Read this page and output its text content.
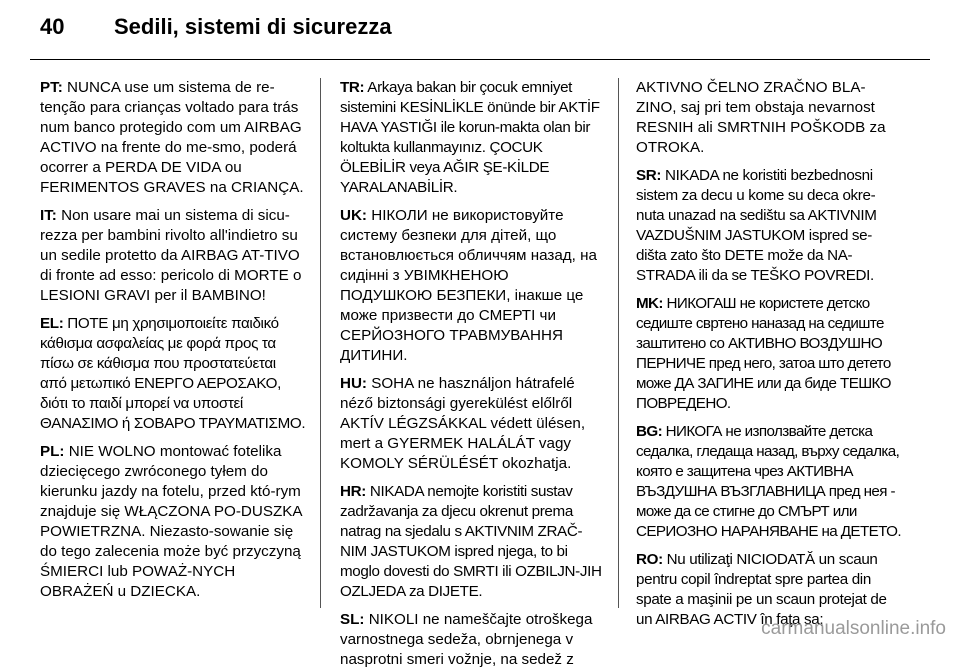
40	Sedili, sistemi di sicurezza

PT: NUNCA use um sistema de re-tenção para crianças voltado para trás num banco protegido com um AIRBAG ACTIVO na frente do me-smo, poderá ocorrer a PERDA DE VIDA ou FERIMENTOS GRAVES na CRIANÇA.

IT: Non usare mai un sistema di sicu-rezza per bambini rivolto all'indietro su un sedile protetto da AIRBAG AT-TIVO di fronte ad esso: pericolo di MORTE o LESIONI GRAVI per il BAMBINO!

EL: ΠΟΤΕ μη χρησιμοποιείτε παιδικό κάθισμα ασφαλείας με φορά προς τα πίσω σε κάθισμα που προστατεύεται από μετωπικό ΕΝΕΡΓΟ ΑΕΡΟΣΑΚΟ, διότι το παιδί μπορεί να υποστεί ΘΑΝΑΣΙΜΟ ή ΣΟΒΑΡΟ ΤΡΑΥΜΑΤΙΣΜΟ.

PL: NIE WOLNO montować fotelika dziecięcego zwróconego tyłem do kierunku jazdy na fotelu, przed któ-rym znajduje się WŁĄCZONA PO-DUSZKA POWIETRZNA. Niezasto-sowanie się do tego zalecenia może być przyczyną ŚMIERCI lub POWAŻ-NYCH OBRAŻEŃ u DZIECKA.

TR: Arkaya bakan bir çocuk emniyet sistemini KESİNLİKLE önünde bir AKTİF HAVA YASTIĞI ile korun-makta olan bir koltukta kullanmayınız. ÇOCUK ÖLEBİLİR veya AĞIR ŞE-KİLDE YARALANABİLİR.

UK: НІКОЛИ не використовуйте систему безпеки для дітей, що встановлюється обличчям назад, на сидінні з УВІМКНЕНОЮ ПОДУШКОЮ БЕЗПЕКИ, інакше це може призвести до СМЕРТІ чи СЕРЙОЗНОГО ТРАВМУВАННЯ ДИТИНИ.

HU: SOHA ne használjon hátrafelé néző biztonsági gyerekülést előlről AKTÍV LÉGZSÁKKAL védett ülésen, mert a GYERMEK HALÁLÁT vagy KOMOLY SÉRÜLÉSÉT okozhatja.

HR: NIKADA nemojte koristiti sustav zadržavanja za djecu okrenut prema natrag na sjedalu s AKTIVNIM ZRAČ-NIM JASTUKOM ispred njega, to bi moglo dovesti do SMRTI ili OZBILJN-JIH OZLJEDA za DIJETE.

SL: NIKOLI ne nameščajte otroškega varnostnega sedeža, obrnjenega v nasprotni smeri vožnje, na sedež z

AKTIVNO ČELNO ZRAČNO BLA-ZINO, saj pri tem obstaja nevarnost RESNIH ali SMRTNIH POŠKODB za OTROKA.

SR: NIKADA ne koristiti bezbednosni sistem za decu u kome su deca okre-nuta unazad na sedištu sa AKTIVNIM VAZDUŠNIM JASTUKOM ispred se-dišta zato što DETE može da NA-STRADA ili da se TEŠKO POVREDI.

MK: НИКОГАШ не користете детско седиште свртено наназад на седиште заштитено со АКТИВНО ВОЗДУШНО ПЕРНИЧЕ пред него, затоа што детето може ДА ЗАГИНЕ или да биде ТЕШКО ПОВРЕДЕНО.

BG: НИКОГА не използвайте детска седалка, гледаща назад, върху седалка, която е защитена чрез АКТИВНА ВЪЗДУШНА ВЪЗГЛАВНИЦА пред нея - може да се стигне до СМЪРТ или СЕРИОЗНО НАРАНЯВАНЕ на ДЕТЕТО.

RO: Nu utilizaţi NICIODATĂ un scaun pentru copil îndreptat spre partea din spate a maşinii pe un scaun protejat de un AIRBAG ACTIV în faţa sa;

carmanualsonline.info
